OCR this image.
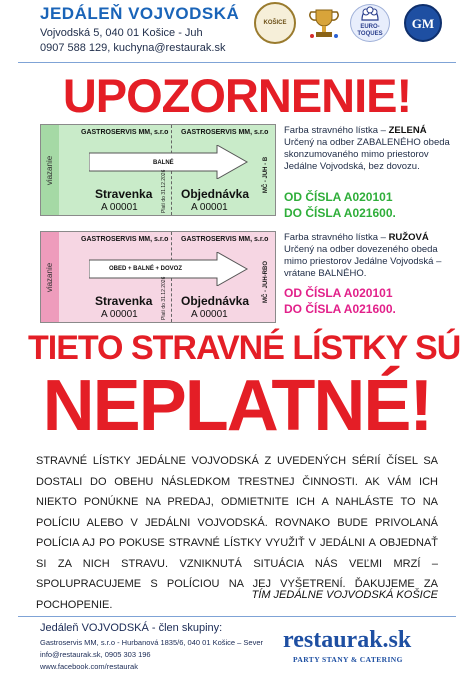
JEDÁLEŇ VOJVODSKÁ
Vojvodská 5, 040 01 Košice - Juh
0907 588 129, kuchyna@restaurak.sk
KOŠICE
EURO-TOQUES
GM
UPOZORNENIE!
viazanie
GASTROSERVIS MM, s.r.o GASTROSERVIS MM, s.r.o
BALNÉ
Stravenka Objednávka
A 00001	A 00001
Platí do 31.12.2026	MČ - JUH - B
Farba stravného lístka – ZELENÁ
Určený na odber ZABALENÉHO obeda skonzumovaného mimo priestorov Jedálne Vojvodská, bez dovozu.
OD ČÍSLA A020101
DO ČÍSLA A021600.
viazanie
GASTROSERVIS MM, s.r.o GASTROSERVIS MM, s.r.o
OBED + BALNÉ + DOVOZ
Stravenka Objednávka
A 00001	A 00001
Platí do 31.12.2026	MČ - JUH-RBO
Farba stravného lístka – RUŽOVÁ
Určený na odber dovezeného obeda mimo priestorov Jedálne Vojvodská – vrátane BALNÉHO.
OD ČÍSLA A020101
DO ČÍSLA A021600.
TIETO STRAVNÉ LÍSTKY SÚ
NEPLATNÉ!
STRAVNÉ LÍSTKY JEDÁLNE VOJVODSKÁ Z UVEDENÝCH SÉRIÍ ČÍSEL SA DOSTALI DO OBEHU NÁSLEDKOM TRESTNEJ ČINNOSTI. AK VÁM ICH NIEKTO PONÚKNE NA PREDAJ, ODMIETNITE ICH A NAHLÁSTE TO NA POLÍCIU ALEBO V JEDÁLNI VOJVODSKÁ. ROVNAKO BUDE PRIVOLANÁ POLÍCIA AJ PO POKUSE STRAVNÉ LÍSTKY VYUŽIŤ V JEDÁLNI A OBJEDNAŤ SI ZA NICH STRAVU. VZNIKNUTÁ SITUÁCIA NÁS VEĽMI MRZÍ – SPOLUPRACUJEME S POLÍCIOU NA JEJ VYŠETRENÍ. ĎAKUJEME ZA POCHOPENIE.
TÍM JEDÁLNE VOJVODSKÁ KOŠICE
Jedáleň VOJVODSKÁ - člen skupiny:
Gastroservis MM, s.r.o - Hurbanová 1835/6, 040 01 Košice – Sever
info@restaurak.sk, 0905 303 196
www.facebook.com/restaurak
restaurak.sk
PARTY STANY & CATERING
